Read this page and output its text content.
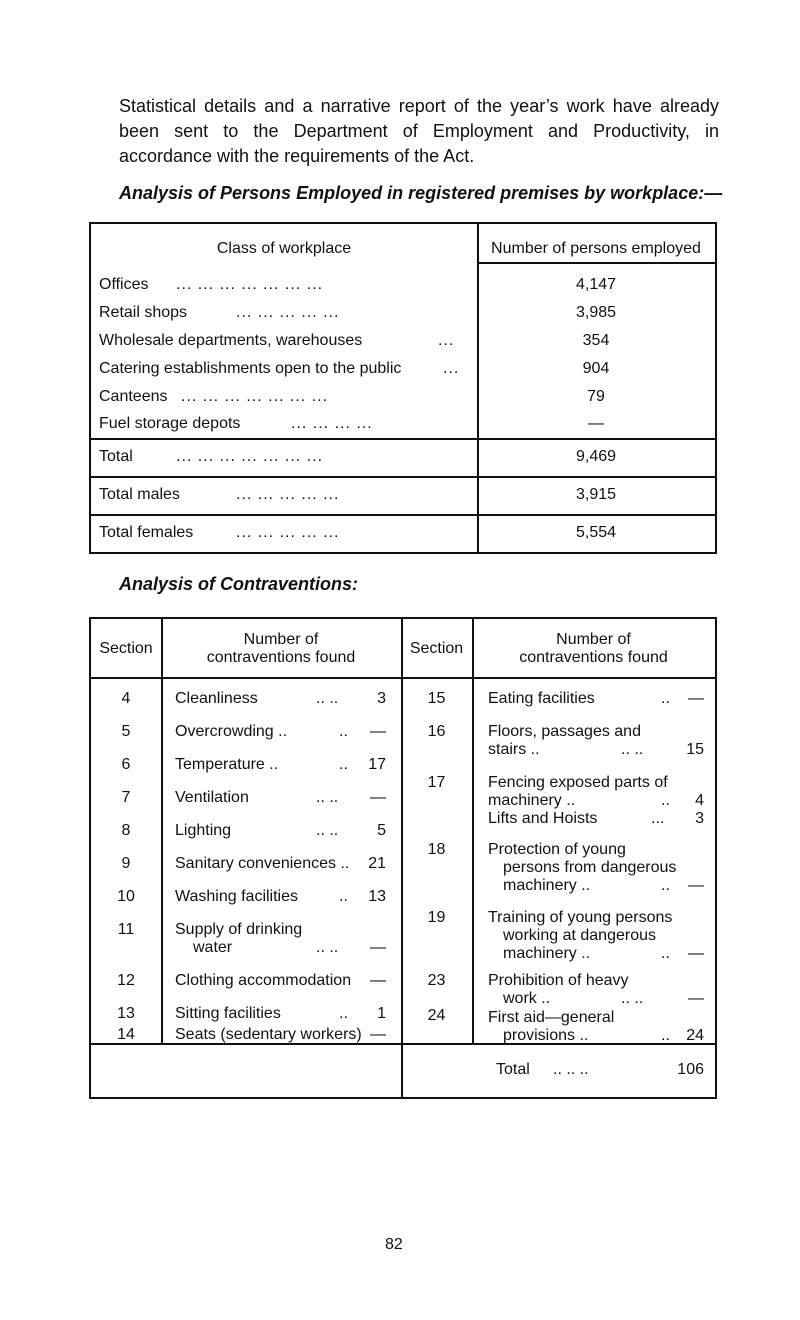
Statistical details and a narrative report of the year’s work have already been sent to the Department of Employment and Productivity, in accordance with the requirements of the Act.
Analysis of Persons Employed in registered premises by workplace:—
Class of workplace	Number of persons employed
Offices ... ... ... ... ... ... ...	4,147
Retail shops	... ... ... ... ...	3,985
Wholesale departments, warehouses	...	354
Catering establishments open to the public	...	904
Canteens ... ... ... ... ... ... ...	79
Fuel storage depots	... ... ... ...	—
Total	... ... ... ... ... ... ...	9,469
Total males	... ... ... ... ...	3,915
Total females	... ... ... ... ...	5,554
Analysis of Contraventions:
Section
Number of
contraventions found
Section
Number of
contraventions found
4	Cleanliness	.. ..	3
5	Overcrowding ..	..	—
6	Temperature ..	..	17
7	Ventilation	.. ..	—
8	Lighting	.. ..	5
9	Sanitary conveniences ..	21
10	Washing facilities	..	13
11	Supply of drinking
water	.. ..	—
12	Clothing accommodation	—
13	Sitting facilities	..	1
14	Seats (sedentary workers) —
15	Eating facilities	..	—
16	Floors, passages and
stairs ..	.. ..	15
17	Fencing exposed parts of
machinery ..	..	4
Lifts and Hoists	...	3
18	Protection of young
persons from dangerous
machinery ..	..	—
19	Training of young persons
working at dangerous
machinery ..	..	—
23	Prohibition of heavy
work ..	.. ..	—
24	First aid—general
provisions ..	..	24
Total .. .. ..	106
82
